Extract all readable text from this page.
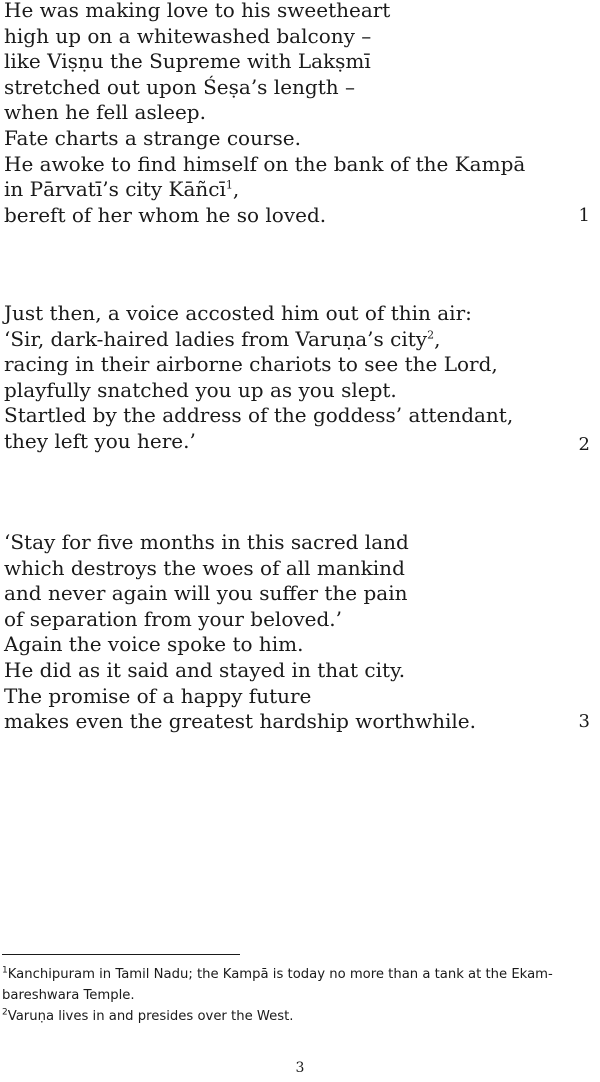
He was making love to his sweetheart
high up on a whitewashed balcony –
like Viṣṇu the Supreme with Lakṣmī
stretched out upon Śeṣa’s length –
when he fell asleep.
Fate charts a strange course.
He awoke to find himself on the bank of the Kampā
in Pārvatī’s city Kāñcī$^1$,
bereft of her whom he so loved.	1
Just then, a voice accosted him out of thin air:
‘Sir, dark-haired ladies from Varuṇa’s city$^2$,
racing in their airborne chariots to see the Lord,
playfully snatched you up as you slept.
Startled by the address of the goddess’ attendant,
they left you here.’	2
‘Stay for five months in this sacred land
which destroys the woes of all mankind
and never again will you suffer the pain
of separation from your beloved.’
Again the voice spoke to him.
He did as it said and stayed in that city.
The promise of a happy future
makes even the greatest hardship worthwhile.	3
$^1$Kanchipuram in Tamil Nadu; the Kampā is today no more than a tank at the Ekam-
bareshwara Temple.
$^2$Varuṇa lives in and presides over the West.
3
